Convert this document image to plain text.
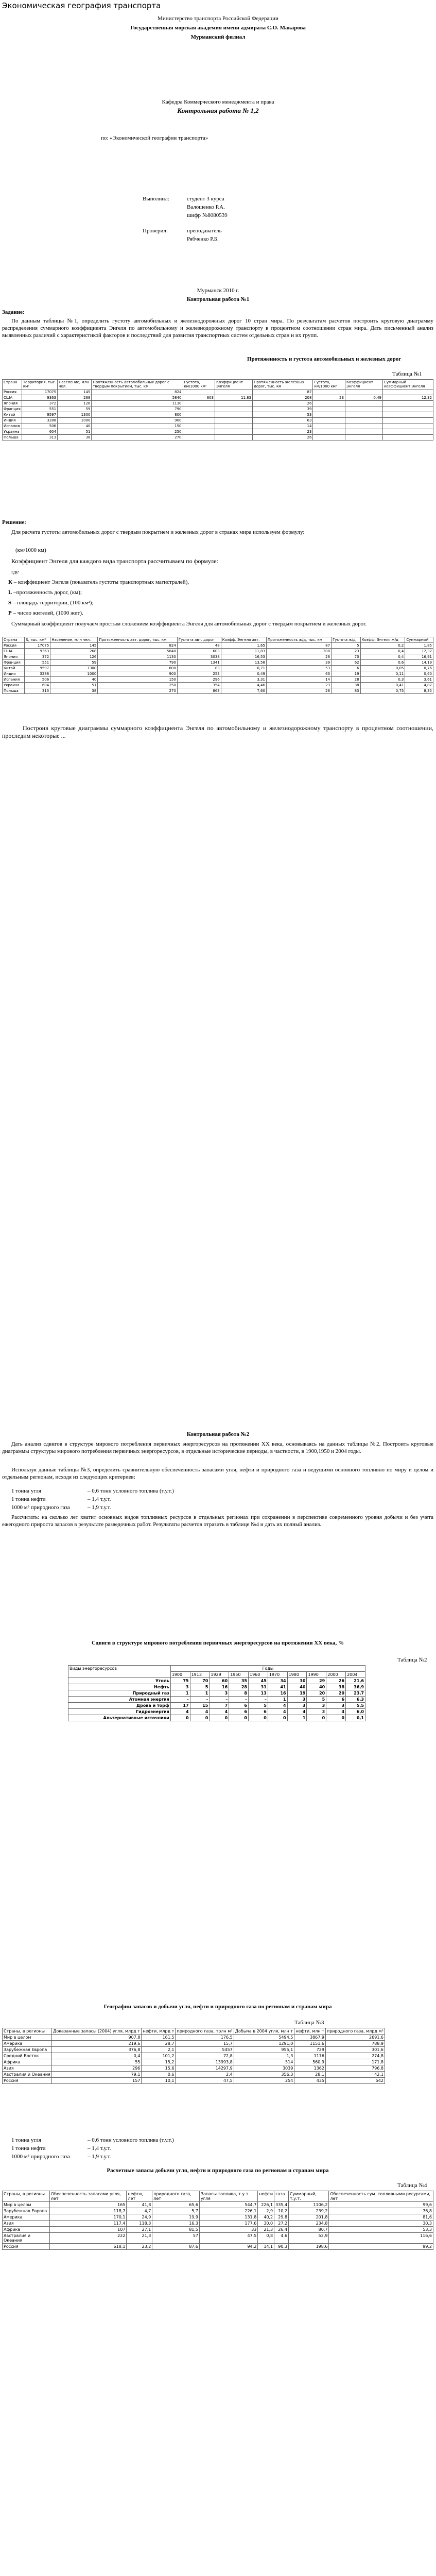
Экономическая география транспорта
Министерство транспорта Российской Федерации
Государственная морская академия имени адмирала С.О. Макарова
Мурманский филиал
Кафедра Коммерческого менеджмента и права
Контрольная работа № 1,2
по: «Экономической географии транспорта»
Выполнил:	студент 3 курса
Валошенко Р.А.
шифр №8080539
Проверил:	преподаватель
Рябченко Р.Б.
Мурманск 2010 г.
Контрольная работа №1
Задание:
По данным таблицы №1, определить густоту автомобильных и железнодорожных дорог 10 стран мира. По результатам расчетов построить круговую диаграмму распределения суммарного коэффициента Энгеля по автомобильному и железнодорожному транспорту в процентном соотношении стран мира. Дать письменный анализ выявленных различий с характеристикой факторов и последствий для развития транспортных систем отдельных стран и их групп.
Протяженность и густота автомобильных и железных дорог
Таблица №1
Страна	Территория, тыс. км²	Население, млн чел.	Протяженность автомобильных дорог с твердым покрытием, тыс. км	Густота, км/1000 км²	Коэффициент Энгеля	Протяженность железных дорог, тыс. км	Густота, км/1000 км²	Коэффициент Энгеля	Суммарный коэффициент Энгеля
Россия	17075	145	824			87			
США	9363	268	5840	603	11,83	208	23	0,49	12,32
Япония	372	126	1130			26			
Франция	551	59	790			39			
Китай	9597	1300	800			53			
Индия	3288	1000	900			63			
Испания	506	40	150			14			
Украина	604	51	250			23			
Польша	313	38	270			26			
Решение:
Для расчета густоты автомобильных дорог с твердым покрытием и железных дорог в странах мира используем формулу:
(км/1000 км)
Коэффициент Энгеля для каждого вида транспорта рассчитываем по формуле:
где
К – коэффициент Энгеля (показатель густоты транспортных магистралей),
L –протяженность дорог, (км);
S – площадь территории, (100 км²);
P – число жителей, (1000 жит).
Суммарный коэффициент получаем простым сложением коэффициента Энгеля для автомобильных дорог с твердым покрытием и железных дорог.
Страна	S, тыс. км²	Население, млн чел.	Протяженность авт. дорог, тыс. км	Густота авт. дорог	Коэфф. Энгеля авт.	Протяженность ж/д, тыс. км	Густота ж/д	Коэфф. Энгеля ж/д	Суммарный
Россия	17075	145	824	48	1,65	87	5	0,2	1,85
США	9363	268	5840	603	11,83	208	23	0,4	12,32
Япония	372	126	1130	3038	16,53	26	70	0,4	16,91
Франция	551	59	790	1341	13,58	39	62	0,6	14,19
Китай	9597	1300	800	83	0,71	53	6	0,05	0,76
Индия	3288	1000	900	253	0,49	63	19	0,11	0,60
Испания	506	40	150	296	3,31	14	28	0,3	3,61
Украина	604	51	250	354	4,46	23	38	0,41	4,87
Польша	313	38	270	863	7,60	26	83	0,75	8,35
Построив круговые диаграммы суммарного коэффициента Энгеля по автомобильному и железнодорожному транспорту в процентном соотношении, проследим некоторые ...
Контрольная работа №2
Дать анализ сдвигов в структуре мирового потребления первичных энергоресурсов на протяжении XX века, основываясь на данных таблицы №2. Построить круговые диаграммы структуры мирового потребления первичных энергоресурсов, в отдельные исторические периоды, в частности, в 1900,1950 и 2004 годы.
Используя данные таблицы №3, определить сравнительную обеспеченность запасами угля, нефти и природного газа и ведущими основного топливно по миру и целом и отдельным регионам, исходя из следующих критериев:
1 тонна угля	– 0,6 тонн условного топлива (т.у.т.)
1 тонна нефти	– 1,4 т.у.т.
1000 м³ природного газа	– 1,9 т.у.т.
Рассчитать: на сколько лет хватит основных видов топливных ресурсов в отдельных регионах при сохранении в перспективе современного уровня добычи и без учета ежегодного прироста запасов в результате разведочных работ. Результаты расчетов отразить в таблице №4 и дать их полный анализ.
Сдвиги в структуре мирового потребления первичных энергоресурсов на протяжении XX века, %
Таблица №2
Виды энергоресурсов	Годы									
	1900	1913	1929	1950	1960	1970	1980	1990	2000	2004
Уголь	75	70	60	35	45	34	30	29	26	21,6
Нефть	3	5	16	28	31	41	40	40	38	36,9
Природный газ	1	1	3	8	13	16	19	20	20	23,7
Атомная энергия	–	–	–	–	–	1	3	5	6	6,3
Дрова и торф	17	15	7	6	5	4	3	3	3	5,5
Гидроэнергия	4	4	4	6	6	4	4	3	4	6,0
Альтернативные источники	0	0	0	0	0	0	1	0	0	0,1
Географии запасов и добычи угля, нефти и природного газа по регионам и странам мира
Таблица №3
Страны, в регионы	Доказанные запасы (2004) угля, млрд т	нефти, млрд т	природного газа, трлн м³	Добыча в 2004 угля, млн т	нефти, млн т	природного газа, млрд м³
Мир в целом	907,8	161,5	176,5	5494,5	3867,9	2691,6
Америка	219,6	28,7	15,7	1291,0	1151,6	788,9
Зарубежная Европа	376,8	2,1	5457	955,1	729	301,6
Средний Восток	0,4	101,2	72,8	1,3	1176	274,8
Африка	55	15,2	13993,8	514	560,9	171,8
Азия	296	15,6	14297,9	3039	1362	796,8
Австралия и Океания	79,1	0,6	2,4	356,3	28,1	42,1
Россия	157	10,1	47,5	254	435	542
1 тонна угля	– 0,6 тонн условного топлива (т.у.т.)
1 тонна нефти	– 1,4 т.у.т.
1000 м³ природного газа	– 1,9 т.у.т.
Расчетные запасы добычи угля, нефти и природного газа по регионам и странам мира
Таблица №4
Страны, в регионы	Обеспеченность запасами угля, лет	нефти, лет	природного газа, лет	Запасы топлива, т.у.т. угля	нефти	газа	Суммарный, т.у.т.	Обеспеченность сум. топливными ресурсами, лет
Мир в целом	165	41,8	65,6	544,7	226,1	335,4	1106,2	99,6
Зарубежная Европа	118,7	4,7	5,7	226,1	2,9	10,2	239,2	76,8
Америка	170,1	24,9	19,9	131,8	40,2	29,8	201,8	81,6
Азия	117,4	118,3	16,3	177,6	30,0	27,2	234,8	30,3
Африка	107	27,1	81,5	33	21,3	26,4	80,7	53,3
Австралия и Океания	222	21,3	57	47,5	0,8	4,6	52,9	116,6
Россия	618,1	23,2	87,6	94,2	14,1	90,3	198,6	99,2
